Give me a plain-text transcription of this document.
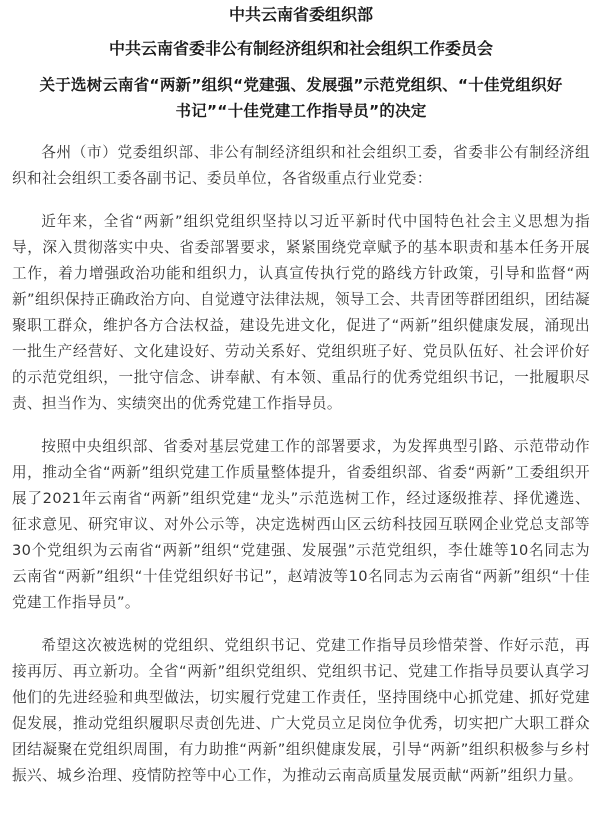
中共云南省委组织部
中共云南省委非公有制经济组织和社会组织工作委员会
关于选树云南省“两新”组织“党建强、发展强”示范党组织、“十佳党组织好书记”“十佳党建工作指导员”的决定

各州（市）党委组织部、非公有制经济组织和社会组织工委，省委非公有制经济组织和社会组织工委各副书记、委员单位，各省级重点行业党委：

近年来，全省“两新”组织党组织坚持以习近平新时代中国特色社会主义思想为指导，深入贯彻落实中央、省委部署要求，紧紧围绕党章赋予的基本职责和基本任务开展工作，着力增强政治功能和组织力，认真宣传执行党的路线方针政策，引导和监督“两新”组织保持正确政治方向、自觉遵守法律法规，领导工会、共青团等群团组织，团结凝聚职工群众，维护各方合法权益，建设先进文化，促进了“两新”组织健康发展，涌现出一批生产经营好、文化建设好、劳动关系好、党组织班子好、党员队伍好、社会评价好的示范党组织，一批守信念、讲奉献、有本领、重品行的优秀党组织书记，一批履职尽责、担当作为、实绩突出的优秀党建工作指导员。

按照中央组织部、省委对基层党建工作的部署要求，为发挥典型引路、示范带动作用，推动全省“两新”组织党建工作质量整体提升，省委组织部、省委“两新”工委组织开展了2021年云南省“两新”组织党建“龙头”示范选树工作，经过逐级推荐、择优遴选、征求意见、研究审议、对外公示等，决定选树西山区云纺科技园互联网企业党总支部等30个党组织为云南省“两新”组织“党建强、发展强”示范党组织，李仕雄等10名同志为云南省“两新”组织“十佳党组织好书记”，赵靖波等10名同志为云南省“两新”组织“十佳党建工作指导员”。

希望这次被选树的党组织、党组织书记、党建工作指导员珍惜荣誉、作好示范，再接再厉、再立新功。全省“两新”组织党组织、党组织书记、党建工作指导员要认真学习他们的先进经验和典型做法，切实履行党建工作责任，坚持围绕中心抓党建、抓好党建促发展，推动党组织履职尽责创先进、广大党员立足岗位争优秀，切实把广大职工群众团结凝聚在党组织周围，有力助推“两新”组织健康发展，引导“两新”组织积极参与乡村振兴、城乡治理、疫情防控等中心工作，为推动云南高质量发展贡献“两新”组织力量。
